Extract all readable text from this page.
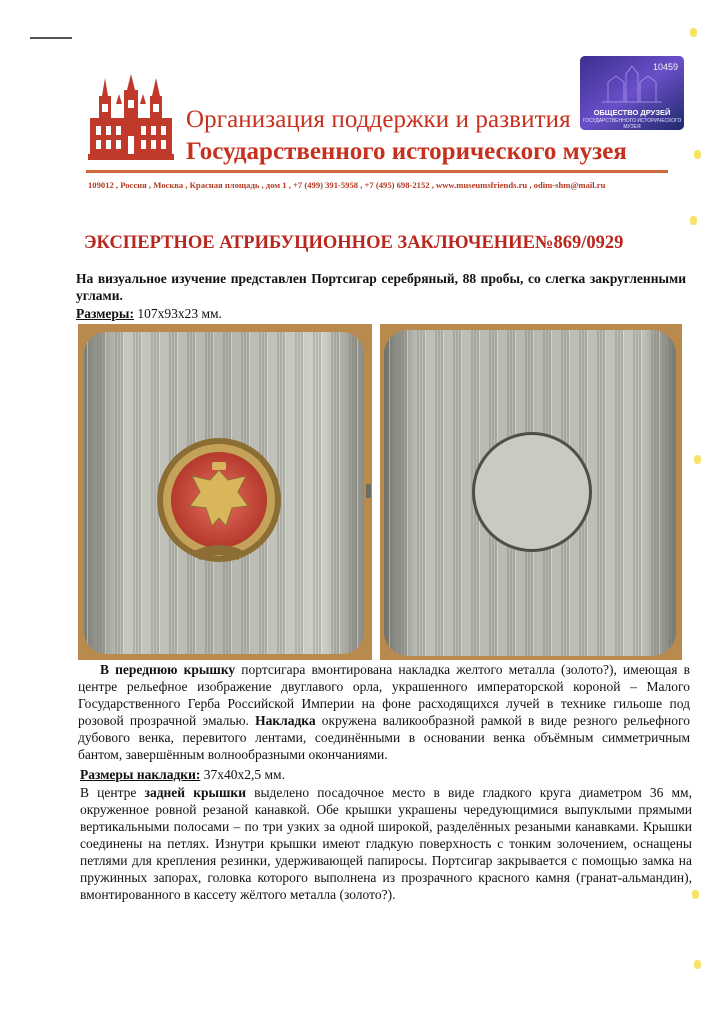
Организация поддержки и развития
Государственного исторического музея
10459
ОБЩЕСТВО ДРУЗЕЙ
ГОСУДАРСТВЕННОГО ИСТОРИЧЕСКОГО МУЗЕЯ
109012 , Россия , Москва , Красная площадь , дом 1 , +7 (499) 391-5958 , +7 (495) 698-2152 , www.museumsfriends.ru , odim-shm@mail.ru
ЭКСПЕРТНОЕ АТРИБУЦИОННОЕ ЗАКЛЮЧЕНИЕ№869/0929
На визуальное изучение представлен Портсигар серебряный, 88 пробы, со слегка закругленными углами.
Размеры: 107x93x23 мм.
В переднюю крышку портсигара вмонтирована накладка желтого металла (золото?), имеющая в центре рельефное изображение двуглавого орла, украшенного императорской короной – Малого Государственного Герба Российской Империи на фоне расходящихся лучей в технике гильоше под розовой прозрачной эмалью. Накладка окружена валикообразной рамкой в виде резного рельефного дубового венка, перевитого лентами, соединёнными в основании венка объёмным симметричным бантом, завершённым волнообразными окончаниями.
Размеры накладки: 37x40x2,5 мм.
В центре задней крышки выделено посадочное место в виде гладкого круга диаметром 36 мм, окруженное ровной резаной канавкой. Обе крышки украшены чередующимися выпуклыми прямыми вертикальными полосами – по три узких за одной широкой, разделённых резаными канавками. Крышки соединены на петлях. Изнутри крышки имеют гладкую поверхность с тонким золочением, оснащены петлями для крепления резинки, удерживающей папиросы. Портсигар закрывается с помощью замка на пружинных запорах, головка которого выполнена из прозрачного красного камня (гранат-альмандин), вмонтированного в кассету жёлтого металла (золото?).
